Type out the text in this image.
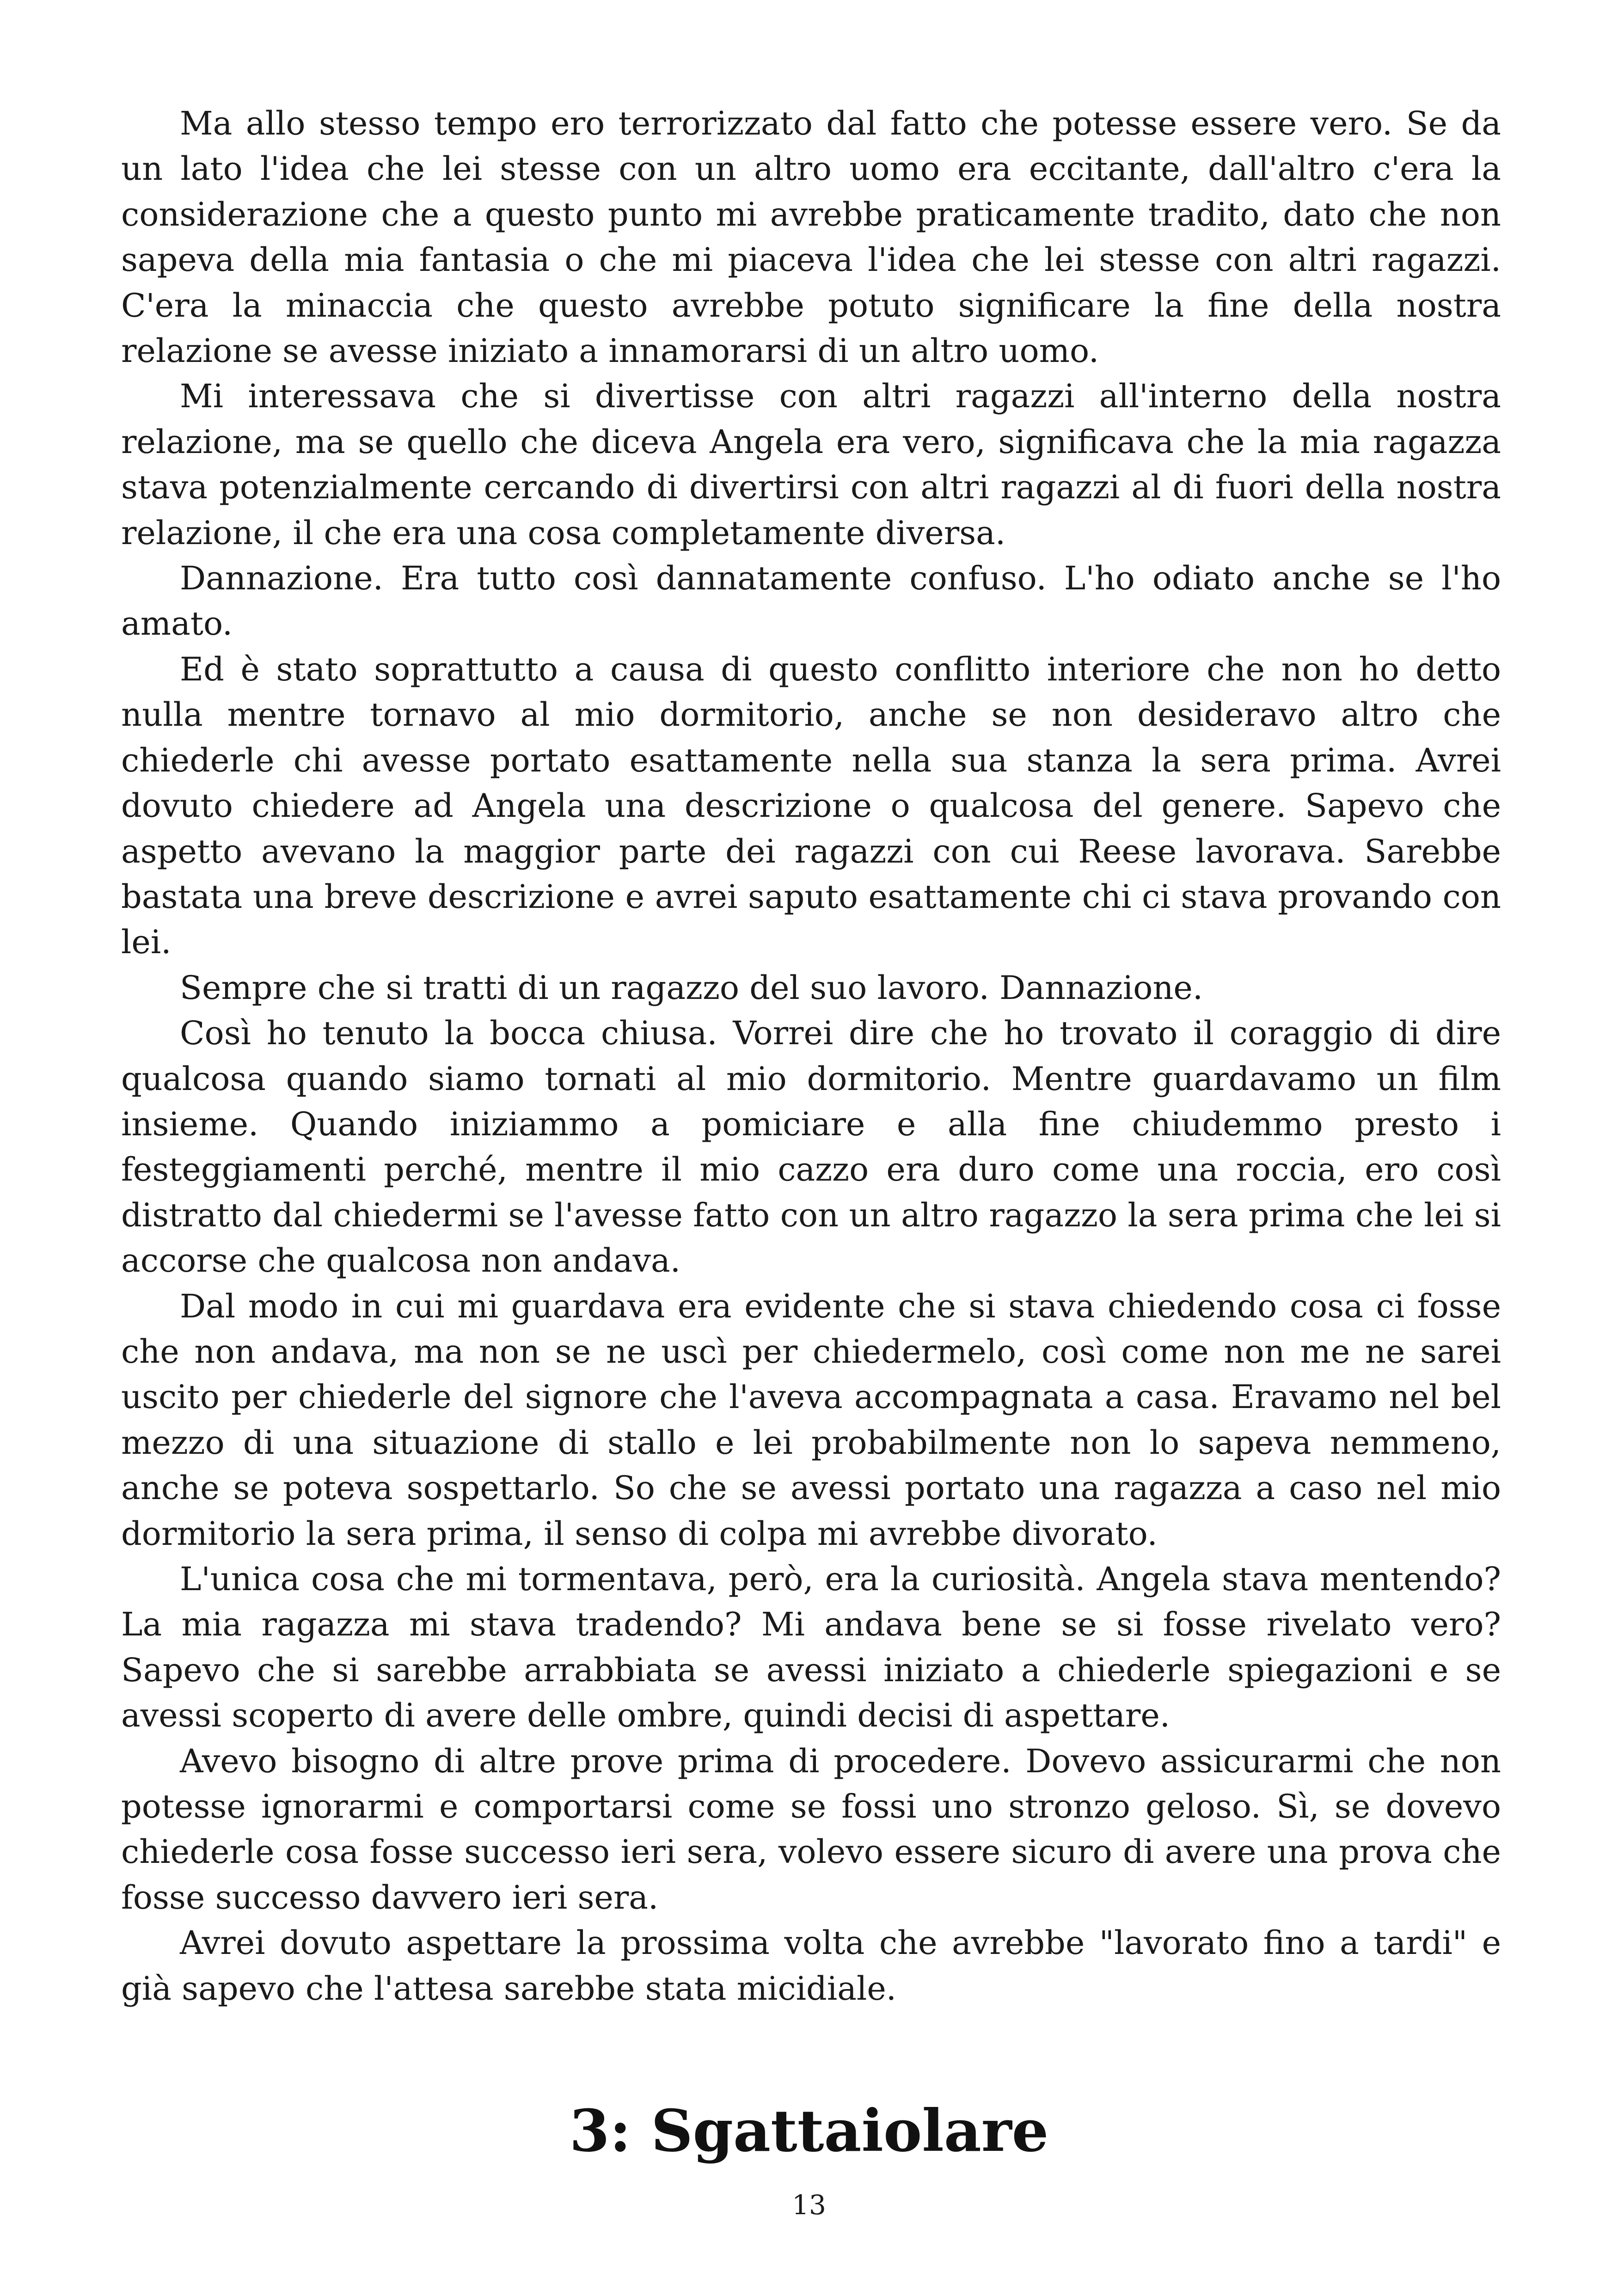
Ma allo stesso tempo ero terrorizzato dal fatto che potesse essere vero. Se da un lato l'idea che lei stesse con un altro uomo era eccitante, dall'altro c'era la considerazione che a questo punto mi avrebbe praticamente tradito, dato che non sapeva della mia fantasia o che mi piaceva l'idea che lei stesse con altri ragazzi. C'era la minaccia che questo avrebbe potuto significare la fine della nostra relazione se avesse iniziato a innamorarsi di un altro uomo.

Mi interessava che si divertisse con altri ragazzi all'interno della nostra relazione, ma se quello che diceva Angela era vero, significava che la mia ragazza stava potenzialmente cercando di divertirsi con altri ragazzi al di fuori della nostra relazione, il che era una cosa completamente diversa.

Dannazione. Era tutto così dannatamente confuso. L'ho odiato anche se l'ho amato.

Ed è stato soprattutto a causa di questo conflitto interiore che non ho detto nulla mentre tornavo al mio dormitorio, anche se non desideravo altro che chiederle chi avesse portato esattamente nella sua stanza la sera prima. Avrei dovuto chiedere ad Angela una descrizione o qualcosa del genere. Sapevo che aspetto avevano la maggior parte dei ragazzi con cui Reese lavorava. Sarebbe bastata una breve descrizione e avrei saputo esattamente chi ci stava provando con lei.

Sempre che si tratti di un ragazzo del suo lavoro. Dannazione.

Così ho tenuto la bocca chiusa. Vorrei dire che ho trovato il coraggio di dire qualcosa quando siamo tornati al mio dormitorio. Mentre guardavamo un film insieme. Quando iniziammo a pomiciare e alla fine chiudemmo presto i festeggiamenti perché, mentre il mio cazzo era duro come una roccia, ero così distratto dal chiedermi se l'avesse fatto con un altro ragazzo la sera prima che lei si accorse che qualcosa non andava.

Dal modo in cui mi guardava era evidente che si stava chiedendo cosa ci fosse che non andava, ma non se ne uscì per chiedermelo, così come non me ne sarei uscito per chiederle del signore che l'aveva accompagnata a casa. Eravamo nel bel mezzo di una situazione di stallo e lei probabilmente non lo sapeva nemmeno, anche se poteva sospettarlo. So che se avessi portato una ragazza a caso nel mio dormitorio la sera prima, il senso di colpa mi avrebbe divorato.

L'unica cosa che mi tormentava, però, era la curiosità. Angela stava mentendo? La mia ragazza mi stava tradendo? Mi andava bene se si fosse rivelato vero? Sapevo che si sarebbe arrabbiata se avessi iniziato a chiederle spiegazioni e se avessi scoperto di avere delle ombre, quindi decisi di aspettare.

Avevo bisogno di altre prove prima di procedere. Dovevo assicurarmi che non potesse ignorarmi e comportarsi come se fossi uno stronzo geloso. Sì, se dovevo chiederle cosa fosse successo ieri sera, volevo essere sicuro di avere una prova che fosse successo davvero ieri sera.

Avrei dovuto aspettare la prossima volta che avrebbe "lavorato fino a tardi" e già sapevo che l'attesa sarebbe stata micidiale.

3: Sgattaiolare
13
